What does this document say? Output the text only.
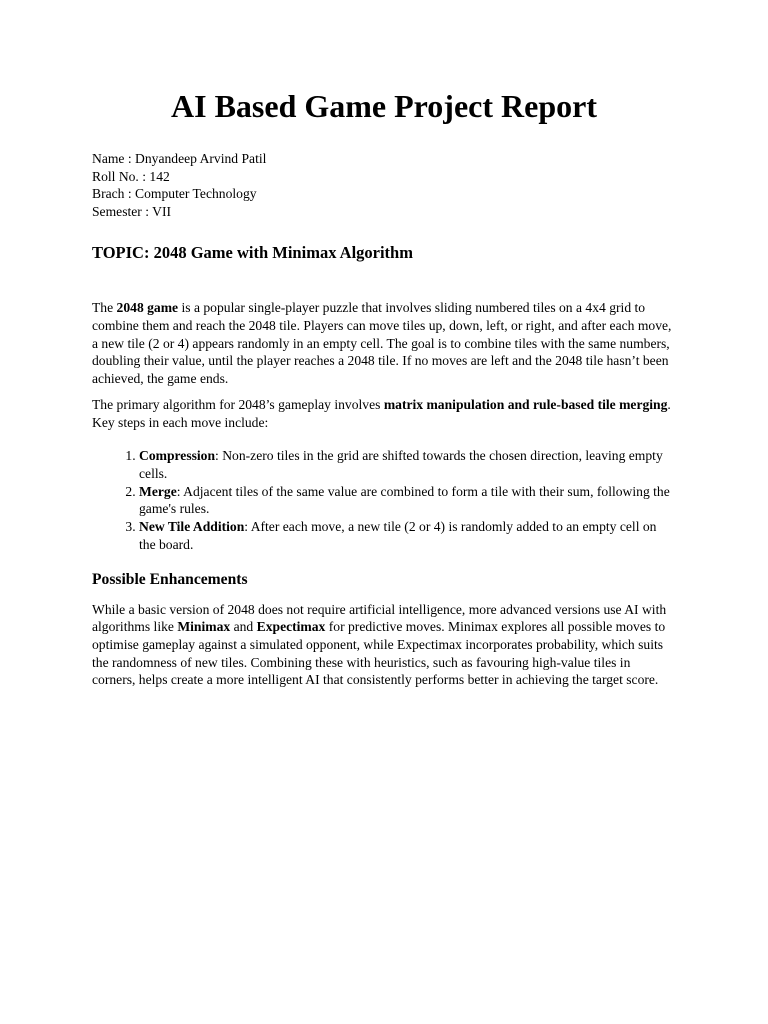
AI Based Game Project Report
Name : Dnyandeep Arvind Patil
Roll No. : 142
Brach : Computer Technology
Semester : VII
TOPIC: 2048 Game with Minimax Algorithm

The 2048 game is a popular single-player puzzle that involves sliding numbered tiles on a 4x4 grid to combine them and reach the 2048 tile. Players can move tiles up, down, left, or right, and after each move, a new tile (2 or 4) appears randomly in an empty cell. The goal is to combine tiles with the same numbers, doubling their value, until the player reaches a 2048 tile. If no moves are left and the 2048 tile hasn’t been achieved, the game ends.

The primary algorithm for 2048’s gameplay involves matrix manipulation and rule-based tile merging. Key steps in each move include:

1. Compression: Non-zero tiles in the grid are shifted towards the chosen direction, leaving empty cells.
2. Merge: Adjacent tiles of the same value are combined to form a tile with their sum, following the game's rules.
3. New Tile Addition: After each move, a new tile (2 or 4) is randomly added to an empty cell on the board.
Possible Enhancements

While a basic version of 2048 does not require artificial intelligence, more advanced versions use AI with algorithms like Minimax and Expectimax for predictive moves. Minimax explores all possible moves to optimise gameplay against a simulated opponent, while Expectimax incorporates probability, which suits the randomness of new tiles. Combining these with heuristics, such as favouring high-value tiles in corners, helps create a more intelligent AI that consistently performs better in achieving the target score.
